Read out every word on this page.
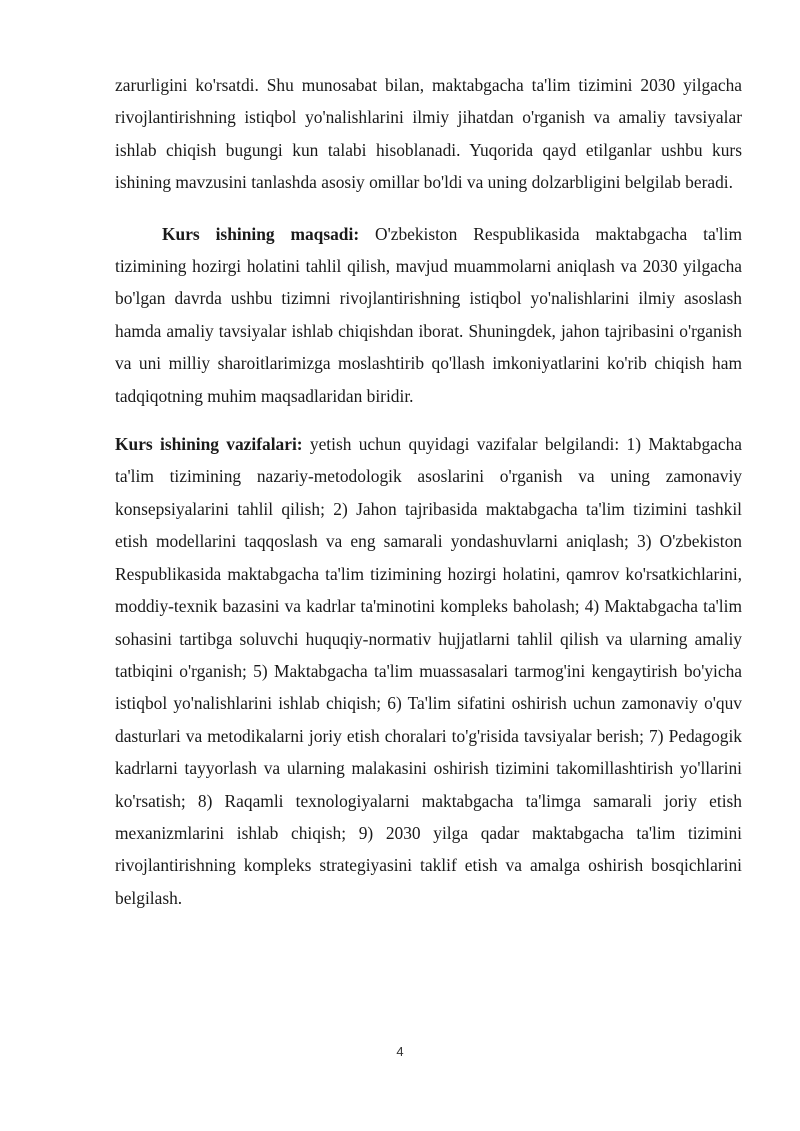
zarurligini ko'rsatdi. Shu munosabat bilan, maktabgacha ta'lim tizimini 2030 yilgacha rivojlantirishning istiqbol yo'nalishlarini ilmiy jihatdan o'rganish va amaliy tavsiyalar ishlab chiqish bugungi kun talabi hisoblanadi. Yuqorida qayd etilganlar ushbu kurs ishining mavzusini tanlashda asosiy omillar bo'ldi va uning dolzarbligini belgilab beradi.

Kurs ishining maqsadi: O'zbekiston Respublikasida maktabgacha ta'lim tizimining hozirgi holatini tahlil qilish, mavjud muammolarni aniqlash va 2030 yilgacha bo'lgan davrda ushbu tizimni rivojlantirishning istiqbol yo'nalishlarini ilmiy asoslash hamda amaliy tavsiyalar ishlab chiqishdan iborat. Shuningdek, jahon tajribasini o'rganish va uni milliy sharoitlarimizga moslashtirib qo'llash imkoniyatlarini ko'rib chiqish ham tadqiqotning muhim maqsadlaridan biridir.

Kurs ishining vazifalari: yetish uchun quyidagi vazifalar belgilandi: 1) Maktabgacha ta'lim tizimining nazariy-metodologik asoslarini o'rganish va uning zamonaviy konsepsiyalarini tahlil qilish; 2) Jahon tajribasida maktabgacha ta'lim tizimini tashkil etish modellarini taqqoslash va eng samarali yondashuvlarni aniqlash; 3) O'zbekiston Respublikasida maktabgacha ta'lim tizimining hozirgi holatini, qamrov ko'rsatkichlarini, moddiy-texnik bazasini va kadrlar ta'minotini kompleks baholash; 4) Maktabgacha ta'lim sohasini tartibga soluvchi huquqiy-normativ hujjatlarni tahlil qilish va ularning amaliy tatbiqini o'rganish; 5) Maktabgacha ta'lim muassasalari tarmog'ini kengaytirish bo'yicha istiqbol yo'nalishlarini ishlab chiqish; 6) Ta'lim sifatini oshirish uchun zamonaviy o'quv dasturlari va metodikalarni joriy etish choralari to'g'risida tavsiyalar berish; 7) Pedagogik kadrlarni tayyorlash va ularning malakasini oshirish tizimini takomillashtirish yo'llarini ko'rsatish; 8) Raqamli texnologiyalarni maktabgacha ta'limga samarali joriy etish mexanizmlarini ishlab chiqish; 9) 2030 yilga qadar maktabgacha ta'lim tizimini rivojlantirishning kompleks strategiyasini taklif etish va amalga oshirish bosqichlarini belgilash.

4
